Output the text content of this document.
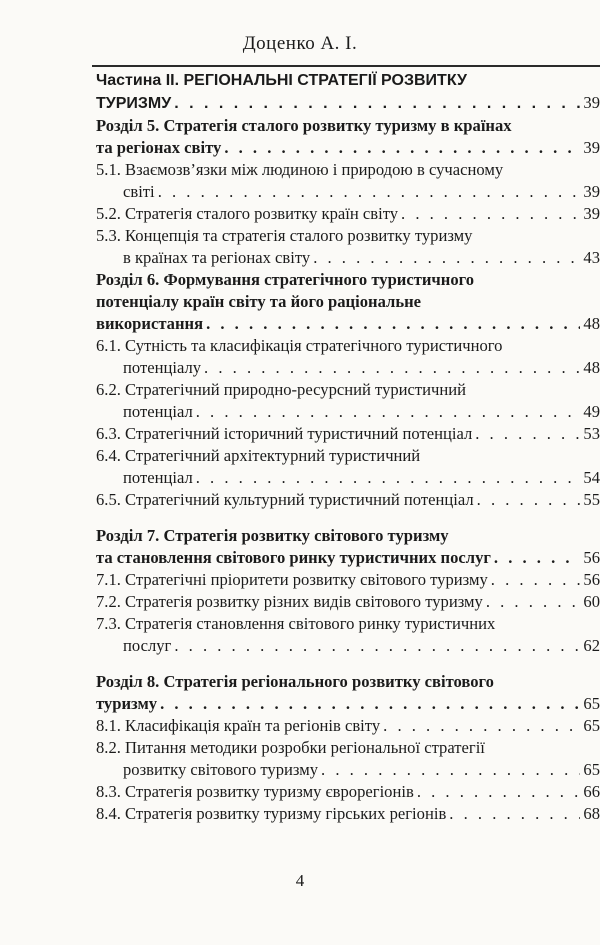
Доценко А. І.
Частина II. РЕГІОНАЛЬНІ СТРАТЕГІЇ РОЗВИТКУ
ТУРИЗМУ . . .	39
Розділ 5. Стратегія сталого розвитку туризму в країнах
та регіонах світу . . .	39
5.1. Взаємозв’язки між людиною і природою в сучасному
світі . . .	39
5.2. Стратегія сталого розвитку країн світу . . .	39
5.3. Концепція та стратегія сталого розвитку туризму
в країнах та регіонах світу . . .	43
Розділ 6. Формування стратегічного туристичного
потенціалу країн світу та його раціональне
використання . . .	48
6.1. Сутність та класифікація стратегічного туристичного
потенціалу . . .	48
6.2. Стратегічний природно-ресурсний туристичний
потенціал . . .	49
6.3. Стратегічний історичний туристичний потенціал . . .	53
6.4. Стратегічний архітектурний туристичний
потенціал . . .	54
6.5. Стратегічний культурний туристичний потенціал . . .	55
Розділ 7. Стратегія розвитку світового туризму
та становлення світового ринку туристичних послуг . . .	56
7.1. Стратегічні пріоритети розвитку світового туризму . . .	56
7.2. Стратегія розвитку різних видів світового туризму . . .	60
7.3. Стратегія становлення світового ринку туристичних
послуг . . .	62
Розділ 8. Стратегія регіонального розвитку світового
туризму . . .	65
8.1. Класифікація країн та регіонів світу . . .	65
8.2. Питання методики розробки регіональної стратегії
розвитку світового туризму . . .	65
8.3. Стратегія розвитку туризму єврорегіонів . . .	66
8.4. Стратегія розвитку туризму гірських регіонів . . .	68
4
